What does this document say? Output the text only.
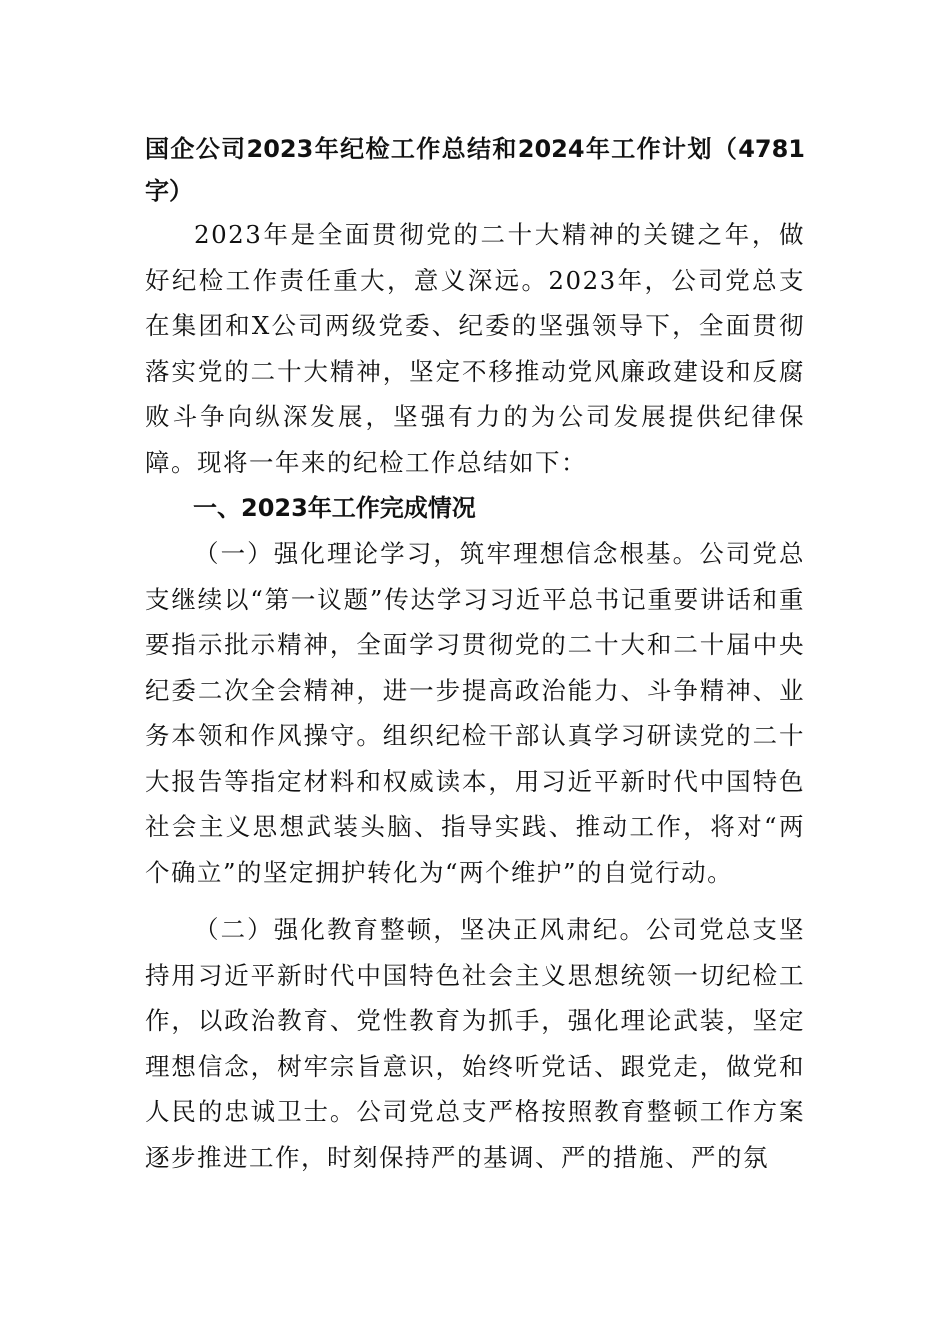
国企公司2023年纪检工作总结和2024年工作计划（4781字）

2023年是全面贯彻党的二十大精神的关键之年，做好纪检工作责任重大，意义深远。2023年，公司党总支在集团和X公司两级党委、纪委的坚强领导下，全面贯彻落实党的二十大精神，坚定不移推动党风廉政建设和反腐败斗争向纵深发展，坚强有力的为公司发展提供纪律保障。现将一年来的纪检工作总结如下：

一、2023年工作完成情况

（一）强化理论学习，筑牢理想信念根基。公司党总支继续以“第一议题”传达学习习近平总书记重要讲话和重要指示批示精神，全面学习贯彻党的二十大和二十届中央纪委二次全会精神，进一步提高政治能力、斗争精神、业务本领和作风操守。组织纪检干部认真学习研读党的二十大报告等指定材料和权威读本，用习近平新时代中国特色社会主义思想武装头脑、指导实践、推动工作，将对“两个确立”的坚定拥护转化为“两个维护”的自觉行动。

（二）强化教育整顿，坚决正风肃纪。公司党总支坚持用习近平新时代中国特色社会主义思想统领一切纪检工作，以政治教育、党性教育为抓手，强化理论武装，坚定理想信念，树牢宗旨意识，始终听党话、跟党走，做党和人民的忠诚卫士。公司党总支严格按照教育整顿工作方案逐步推进工作，时刻保持严的基调、严的措施、严的氛
